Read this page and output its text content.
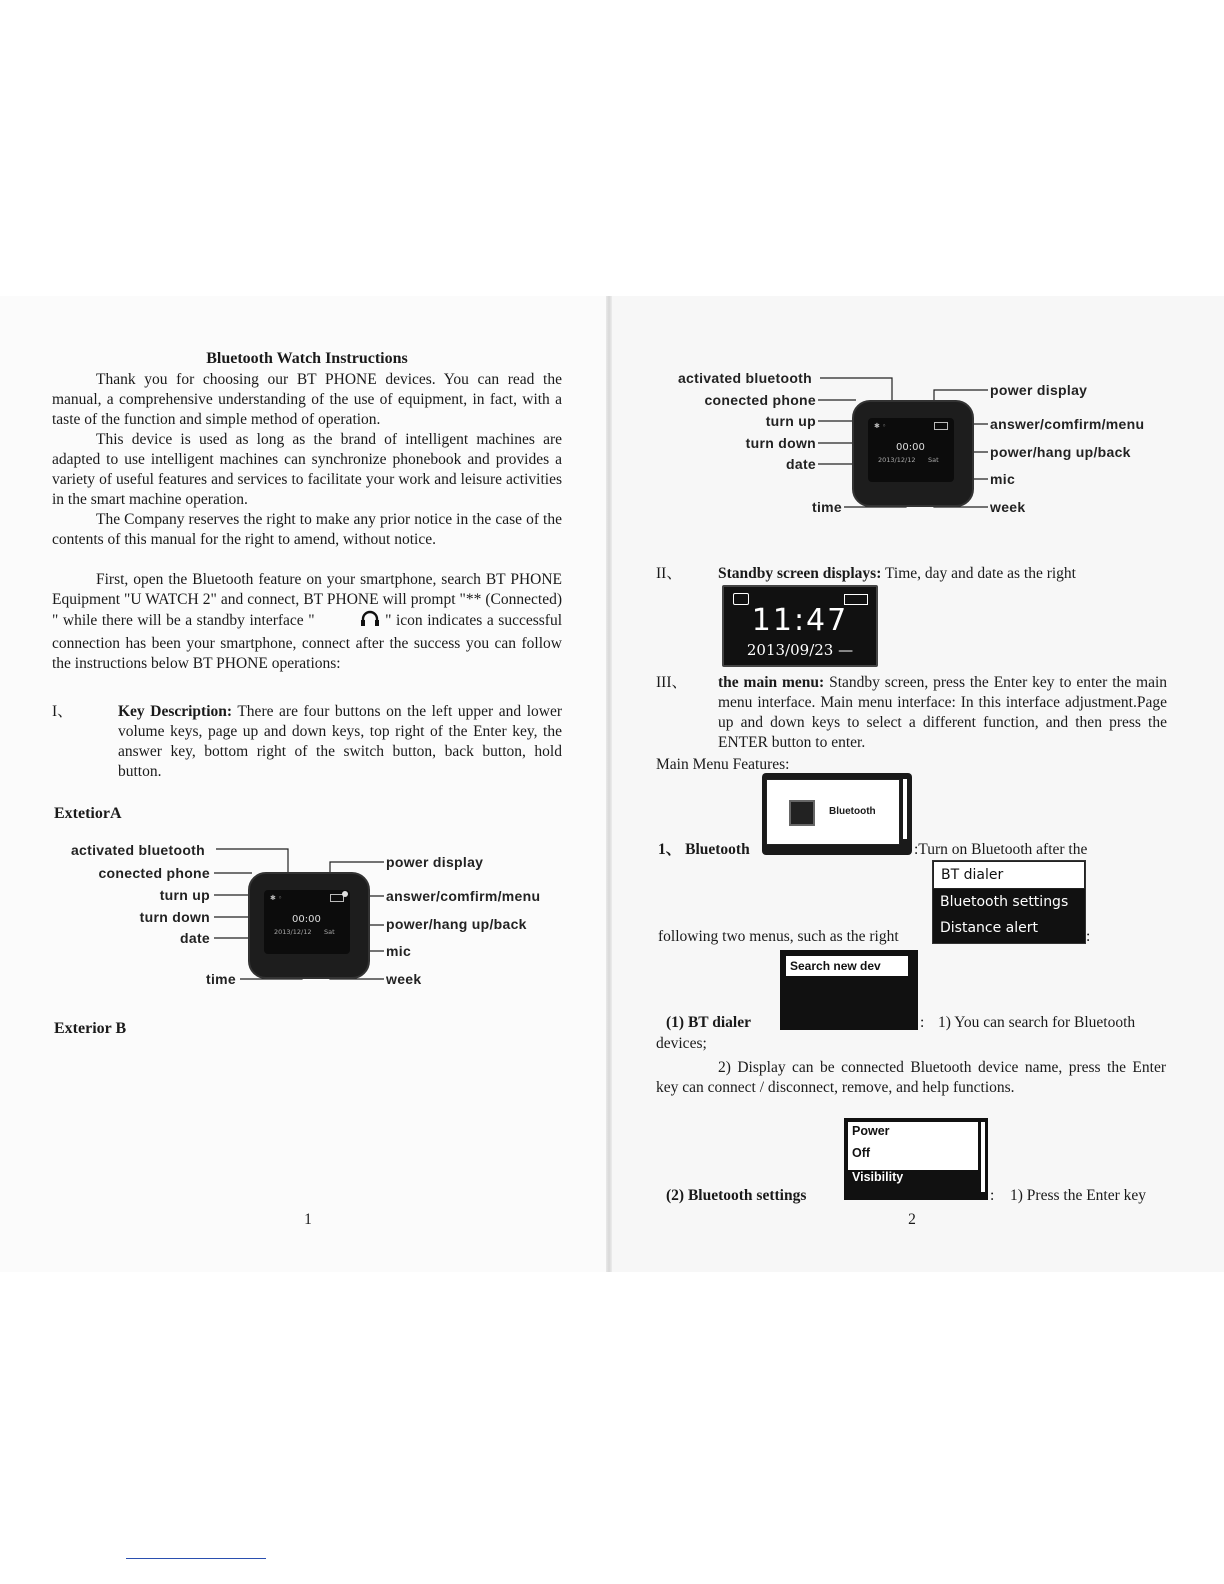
Bluetooth Watch Instructions
Thank you for choosing our BT PHONE devices. You can read the manual, a comprehensive understanding of the use of equipment, in fact, with a taste of the function and simple method of operation.
This device is used as long as the brand of intelligent machines are adapted to use intelligent machines can synchronize phonebook and provides a variety of useful features and services to facilitate your work and leisure activities in the smart machine operation.
The Company reserves the right to make any prior notice in the case of the contents of this manual for the right to amend, without notice.
First, open the Bluetooth feature on your smartphone, search BT PHONE Equipment "U WATCH 2" and connect, BT PHONE will prompt "** (Connected) " while there will be a standby interface "	" icon indicates a successful connection has been your smartphone, connect after the success you can follow the instructions below BT PHONE operations:
I、	Key Description: There are four buttons on the left upper and lower volume keys, page up and down keys, top right of the Enter key, the answer key, bottom right of the switch button, back button, hold button.
ExtetiorA
✱ ◦
00:00
2013/12/12 Sat
activated bluetooth
conected phone
turn up
turn down
date
time
power display
answer/comfirm/menu
power/hang up/back
mic
week
Exterior B
1
✱ ◦
00:00
2013/12/12 Sat
activated bluetooth
conected phone
turn up
turn down
date
time
power display
answer/comfirm/menu
power/hang up/back
mic
week
II、 Standby screen displays: Time, day and date as the right
11:47
2013/09/23 —
III、 the main menu: Standby screen, press the Enter key to enter the main menu interface. Main menu interface: In this interface adjustment.Page up and down keys to select a different function, and then press the ENTER button to enter.
Main Menu Features:
1、 Bluetooth
Bluetooth
:Turn on Bluetooth after the
BT dialer
Bluetooth settings
Distance alert
following two menus, such as the right	:
Search new dev
(1) BT dialer	: 1) You can search for Bluetooth
devices;
2) Display can be connected Bluetooth device name, press the Enter key can connect / disconnect, remove, and help functions.
Power
Off
Visibility
(2) Bluetooth settings	: 1) Press the Enter key
2
